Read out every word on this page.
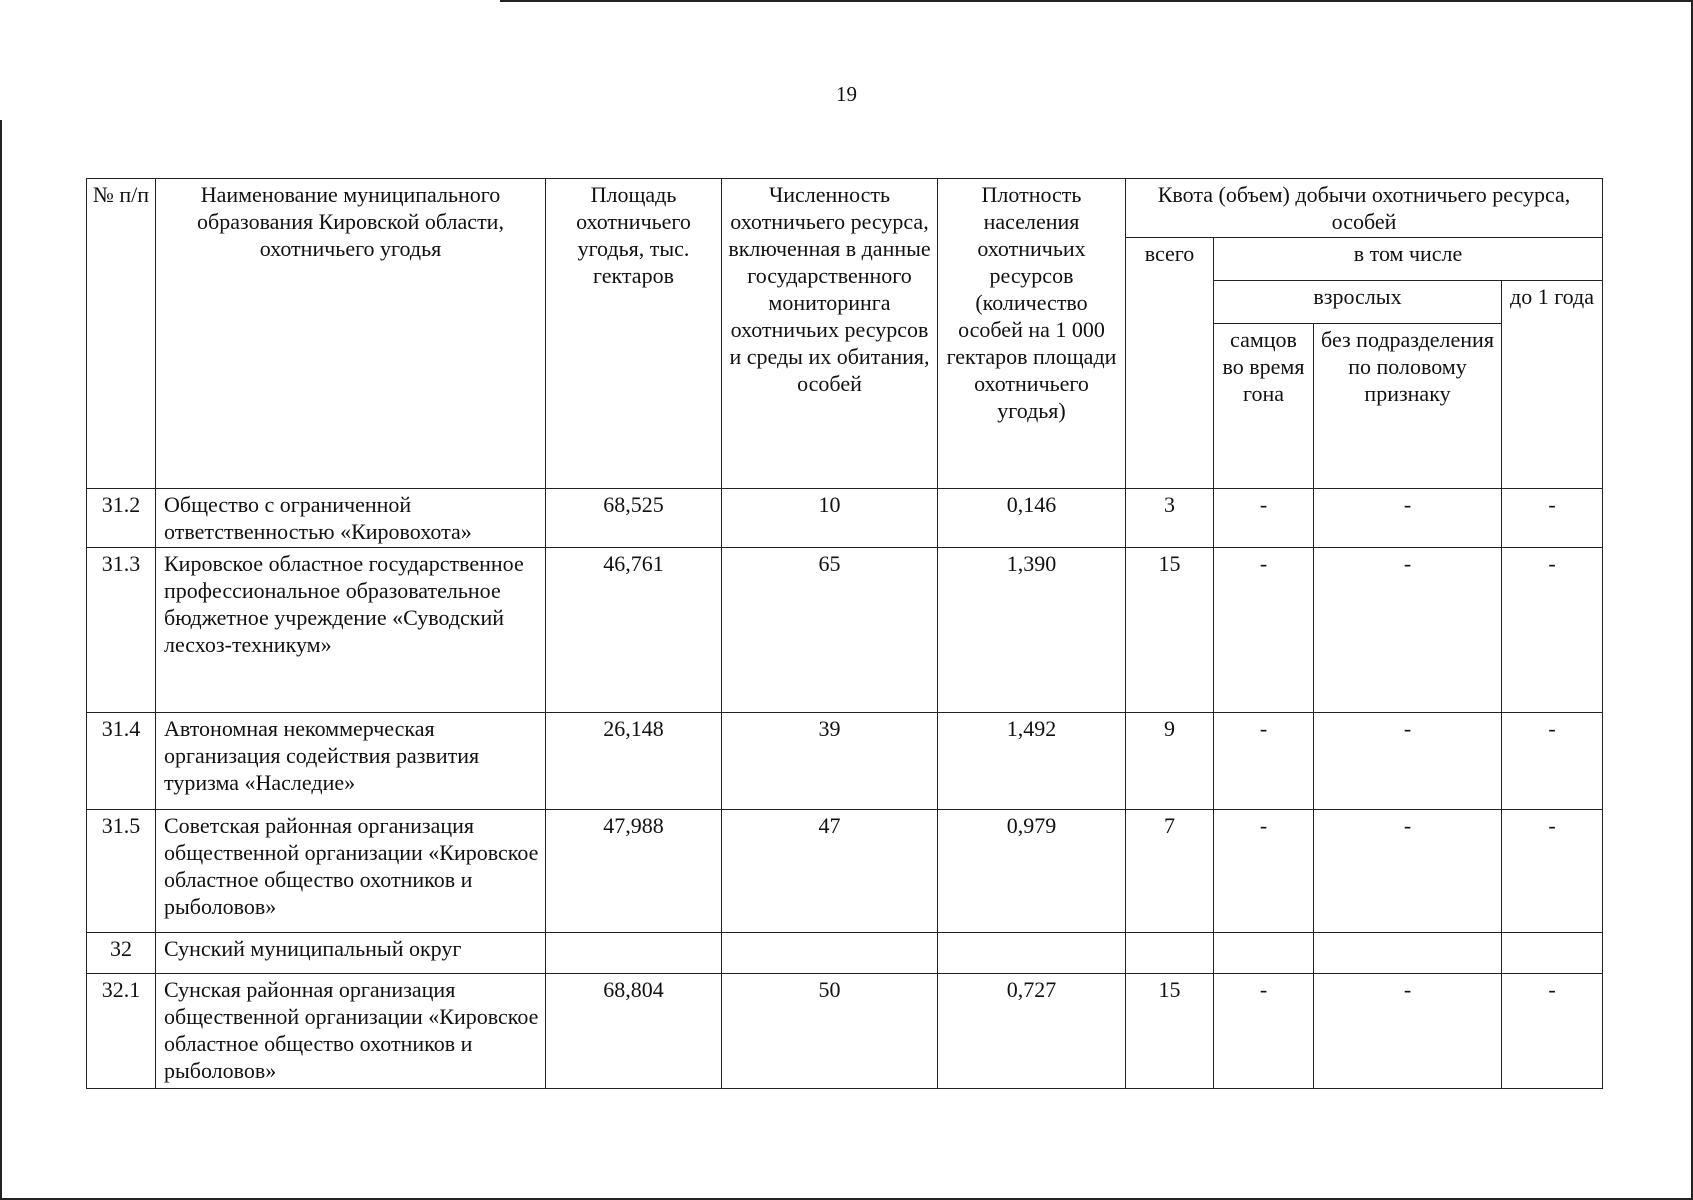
19
№ п/п	Наименование муниципального образования Кировской области, охотничьего угодья	Площадь охотничьего угодья, тыс. гектаров	Численность охотничьего ресурса, включенная в данные государственного мониторинга охотничьих ресурсов и среды их обитания, особей	Плотность населения охотничьих ресурсов (количество особей на 1 000 гектаров площади охотничьего угодья)	Квота (объем) добычи охотничьего ресурса, особей			
					всего	в том числе		
						взрослых		до 1 года
						самцов во время гона	без подразделения по половому признаку	
31.2	Общество с ограниченной ответственностью «Кировохота»	68,525	10	0,146	3	-	-	-
31.3	Кировское областное государственное профессиональное образовательное бюджетное учреждение «Суводский лесхоз-техникум»	46,761	65	1,390	15	-	-	-
31.4	Автономная некоммерческая организация содействия развития туризма «Наследие»	26,148	39	1,492	9	-	-	-
31.5	Советская районная организация общественной организации «Кировское областное общество охотников и рыболовов»	47,988	47	0,979	7	-	-	-
32	Сунский муниципальный округ							
32.1	Сунская районная организация общественной организации «Кировское областное общество охотников и рыболовов»	68,804	50	0,727	15	-	-	-
